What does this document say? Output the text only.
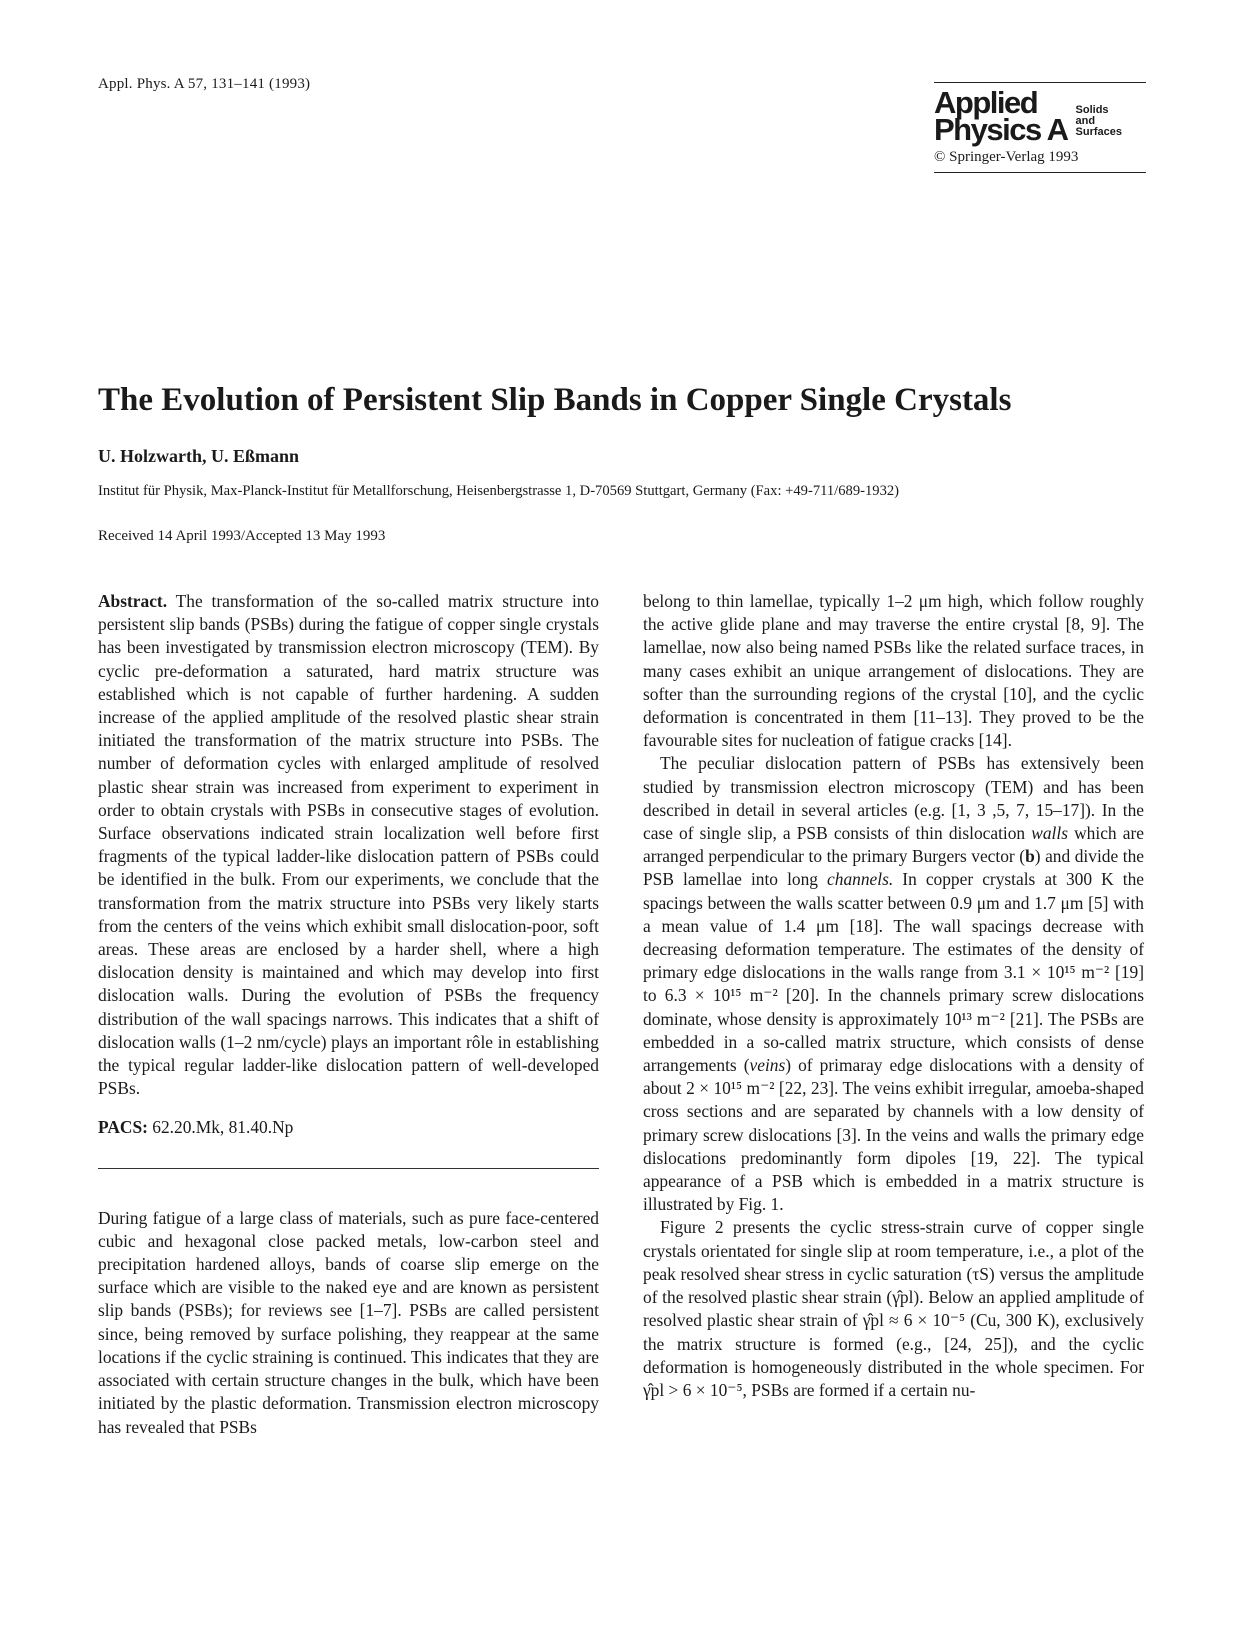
Appl. Phys. A 57, 131–141 (1993)
Applied
Physics A
Solids
and
Surfaces
© Springer-Verlag 1993
The Evolution of Persistent Slip Bands in Copper Single Crystals
U. Holzwarth, U. Eßmann
Institut für Physik, Max-Planck-Institut für Metallforschung, Heisenbergstrasse 1, D-70569 Stuttgart, Germany (Fax: +49-711/689-1932)
Received 14 April 1993/Accepted 13 May 1993

Abstract. The transformation of the so-called matrix structure into persistent slip bands (PSBs) during the fatigue of copper single crystals has been investigated by transmission electron microscopy (TEM). By cyclic pre-deformation a saturated, hard matrix structure was established which is not capable of further hardening. A sudden increase of the applied amplitude of the resolved plastic shear strain initiated the transformation of the matrix structure into PSBs. The number of deformation cycles with enlarged amplitude of resolved plastic shear strain was increased from experiment to experiment in order to obtain crystals with PSBs in consecutive stages of evolution. Surface observations indicated strain localization well before first fragments of the typical ladder-like dislocation pattern of PSBs could be identified in the bulk. From our experiments, we conclude that the transformation from the matrix structure into PSBs very likely starts from the centers of the veins which exhibit small dislocation-poor, soft areas. These areas are enclosed by a harder shell, where a high dislocation density is maintained and which may develop into first dislocation walls. During the evolution of PSBs the frequency distribution of the wall spacings narrows. This indicates that a shift of dislocation walls (1–2 nm/cycle) plays an important rôle in establishing the typical regular ladder-like dislocation pattern of well-developed PSBs.

PACS: 62.20.Mk, 81.40.Np

During fatigue of a large class of materials, such as pure face-centered cubic and hexagonal close packed metals, low-carbon steel and precipitation hardened alloys, bands of coarse slip emerge on the surface which are visible to the naked eye and are known as persistent slip bands (PSBs); for reviews see [1–7]. PSBs are called persistent since, being removed by surface polishing, they reappear at the same locations if the cyclic straining is continued. This indicates that they are associated with certain structure changes in the bulk, which have been initiated by the plastic deformation. Transmission electron microscopy has revealed that PSBs

belong to thin lamellae, typically 1–2 μm high, which follow roughly the active glide plane and may traverse the entire crystal [8, 9]. The lamellae, now also being named PSBs like the related surface traces, in many cases exhibit an unique arrangement of dislocations. They are softer than the surrounding regions of the crystal [10], and the cyclic deformation is concentrated in them [11–13]. They proved to be the favourable sites for nucleation of fatigue cracks [14].

The peculiar dislocation pattern of PSBs has extensively been studied by transmission electron microscopy (TEM) and has been described in detail in several articles (e.g. [1, 3 ,5, 7, 15–17]). In the case of single slip, a PSB consists of thin dislocation walls which are arranged perpendicular to the primary Burgers vector (b) and divide the PSB lamellae into long channels. In copper crystals at 300 K the spacings between the walls scatter between 0.9 μm and 1.7 μm [5] with a mean value of 1.4 μm [18]. The wall spacings decrease with decreasing deformation temperature. The estimates of the density of primary edge dislocations in the walls range from 3.1 × 10¹⁵ m⁻² [19] to 6.3 × 10¹⁵ m⁻² [20]. In the channels primary screw dislocations dominate, whose density is approximately 10¹³ m⁻² [21]. The PSBs are embedded in a so-called matrix structure, which consists of dense arrangements (veins) of primaray edge dislocations with a density of about 2 × 10¹⁵ m⁻² [22, 23]. The veins exhibit irregular, amoeba-shaped cross sections and are separated by channels with a low density of primary screw dislocations [3]. In the veins and walls the primary edge dislocations predominantly form dipoles [19, 22]. The typical appearance of a PSB which is embedded in a matrix structure is illustrated by Fig. 1.

Figure 2 presents the cyclic stress-strain curve of copper single crystals orientated for single slip at room temperature, i.e., a plot of the peak resolved shear stress in cyclic saturation (τS) versus the amplitude of the resolved plastic shear strain (γ̂pl). Below an applied amplitude of resolved plastic shear strain of γ̂pl ≈ 6 × 10⁻⁵ (Cu, 300 K), exclusively the matrix structure is formed (e.g., [24, 25]), and the cyclic deformation is homogeneously distributed in the whole specimen. For γ̂pl > 6 × 10⁻⁵, PSBs are formed if a certain nu-
